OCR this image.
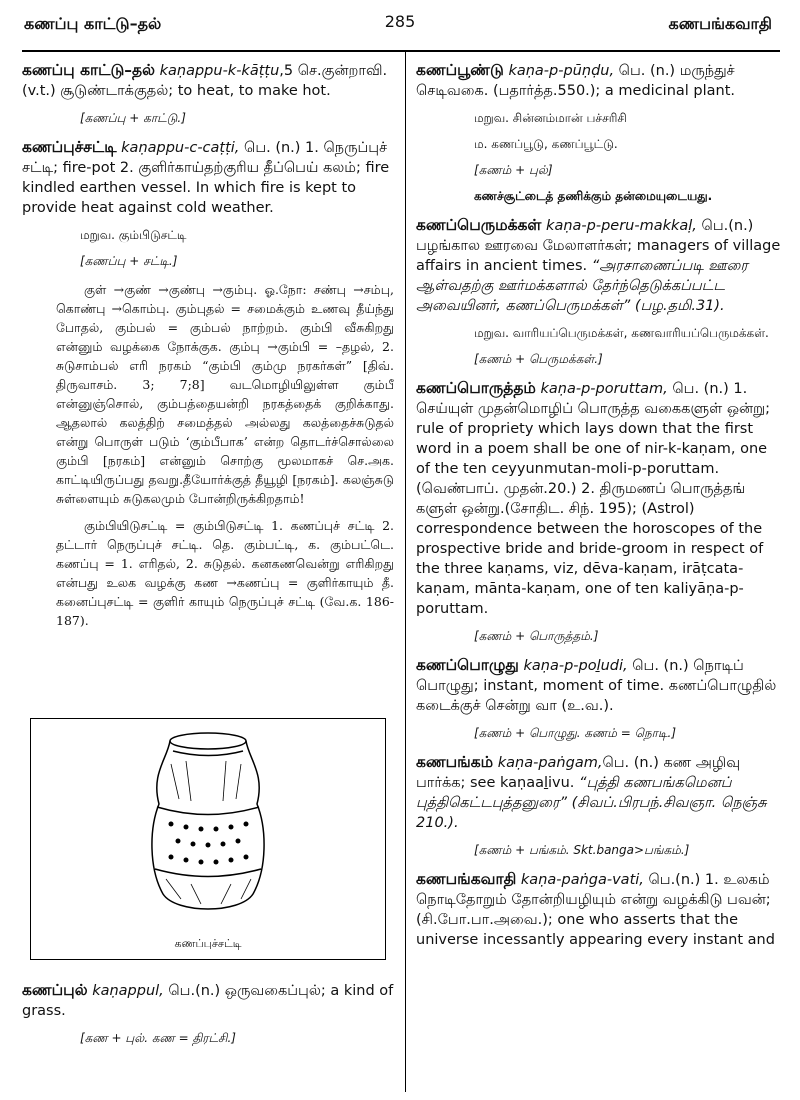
கணப்பு காட்டு–தல்	285	கணபங்கவாதி
கணப்பு காட்டு–தல் kaṇappu-k-kāṭṭu,5 செ.குன்றாவி. (v.t.) சூடுண்டாக்குதல்; to heat, to make hot.
[கணப்பு + காட்டு.]
கணப்புச்சட்டி kaṇappu-c-caṭṭi, பெ. (n.) 1. நெருப்புச் சட்டி; fire-pot 2. குளிர்காய்தற்குரிய தீப்பெய் கலம்; fire kindled earthen vessel. In which fire is kept to provide heat against cold weather.
மறுவ. கும்பிடுசட்டி
[கணப்பு + சட்டி.]
குள் →குண் →குண்பு →கும்பு. ஓ.நோ: சண்பு →சம்பு, கொண்பு →கொம்பு. கும்புதல் = சமைக்கும் உணவு தீய்ந்து போதல், கும்பல் = கும்பல் நாற்றம். கும்பி வீசுகிறது என்னும் வழக்கை நோக்குக. கும்பு →கும்பி = –தழல், 2. சுடுசாம்பல் எரி நரகம் “கும்பி கும்மு நரகர்கள்” [திவ். திருவாசம். 3; 7;8] வடமொழியிலுள்ள கும்பீ என்னுஞ்சொல், கும்பத்தையன்றி நரகத்தைக் குறிக்காது. ஆதலால் கலத்திற் சமைத்தல் அல்லது கலத்தைச்சுடுதல் என்று பொருள் படும் ‘கும்பீபாக’ என்ற தொடர்ச்சொல்லை கும்பி [நரகம்] என்னும் சொற்கு மூலமாகச் செ.அக. காட்டியிருப்பது தவறு.தீயோர்க்குத் தீயூழி [நரகம்]. கலஞ்சுடு சுள்ளையும் சுடுகலமும் போன்றிருக்கிறதாம்!
கும்பியிடுசட்டி = கும்பிடுசட்டி 1. கணப்புச் சட்டி 2. தட்டார் நெருப்புச் சட்டி. தெ. கும்பட்டி, க. கும்பட்டெ. கணப்பு = 1. எரிதல், 2. சுடுதல். கனகணவென்று எரிகிறது என்பது உலக வழக்கு கண →கணப்பு = குளிர்காயும் தீ. கனைப்புசட்டி = குளிர் காயும் நெருப்புச் சட்டி (வே.க. 186-187).
கணப்புச்சட்டி
கணப்புல் kaṇappul, பெ.(n.) ஒருவகைப்புல்; a kind of grass.
[கண + புல். கண = திரட்சி.]
கணப்பூண்டு kaṇa-p-pūṇḍu, பெ. (n.) மருந்துச் செடிவகை. (பதார்த்த.550.); a medicinal plant.
மறுவ. சின்னம்மான் பச்சரிசி
ம. கணப்பூடு, கணப்பூட்டு.
[கணம் + புல்]
கணச்சூட்டைத் தணிக்கும் தன்மையுடையது.
கணப்பெருமக்கள் kaṇa-p-peru-makkaḷ, பெ.(n.) பழங்கால ஊரவை மேலாளர்கள்; managers of village affairs in ancient times. “அரசாணைப்படி ஊரை ஆள்வதற்கு ஊர்மக்களால் தேர்ந்தெடுக்கப்பட்ட அவையினர், கணப்பெருமக்கள்” (பழ.தமி.31).
மறுவ. வாரியப்பெருமக்கள், கணவாரியப்பெருமக்கள்.
[கணம் + பெருமக்கள்.]
கணப்பொருத்தம் kaṇa-p-poruttam, பெ. (n.) 1. செய்யுள் முதன்மொழிப் பொருத்த வகைகளுள் ஒன்று; rule of propriety which lays down that the first word in a poem shall be one of nir-k-kaṇam, one of the ten ceyyunmutan-moli-p-poruttam. (வெண்பாப். முதன்.20.) 2. திருமணப் பொருத்தங் களுள் ஒன்று.(சோதிட. சிந். 195); (Astrol) correspondence between the horoscopes of the prospective bride and bride-groom in respect of the three kaṇams, viz, dēva-kaṇam, irāṭcata-kaṇam, mānta-kaṇam, one of ten kaliyāṇa-p-poruttam.
[கணம் + பொருத்தம்.]
கணப்பொழுது kaṇa-p-poḻudi, பெ. (n.) நொடிப் பொழுது; instant, moment of time. கணப்பொழுதில் கடைக்குச் சென்று வா (உ.வ.).
[கணம் + பொழுது. கணம் = நொடி.]
கணபங்கம் kaṇa-paṅgam,பெ. (n.) கண அழிவு பார்க்க; see kaṇaaḻivu. “புத்தி கணபங்கமெனப் புத்திகெட்டபுத்தனுரை” (சிவப்.பிரபந்.சிவஞா. நெஞ்சு 210.).
[கணம் + பங்கம். Skt.banga>பங்கம்.]
கணபங்கவாதி kaṇa-paṅga-vati, பெ.(n.) 1. உலகம் நொடிதோறும் தோன்றியழியும் என்று வழக்கிடு பவன்; (சி.போ.பா.அவை.); one who asserts that the universe incessantly appearing every instant and
